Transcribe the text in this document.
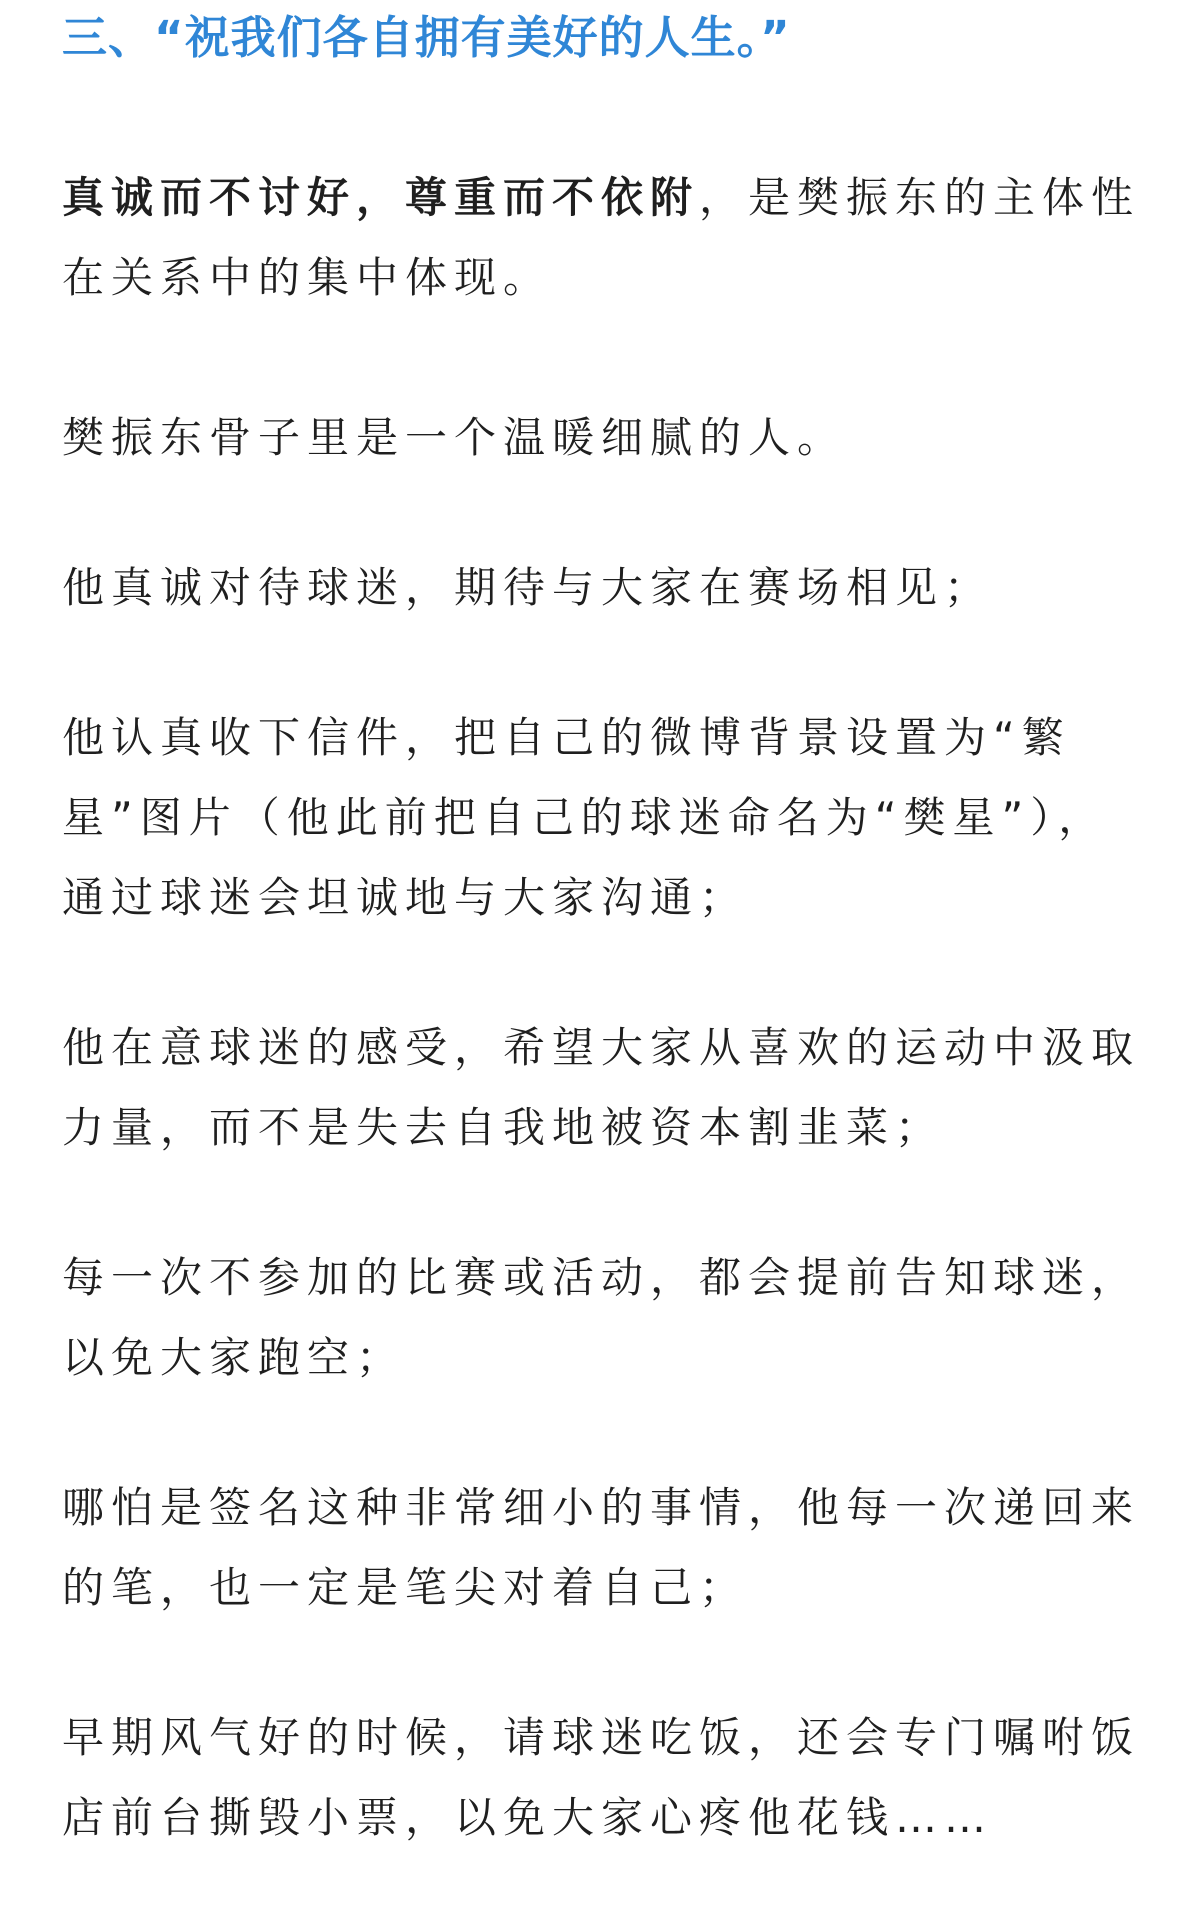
三、“祝我们各自拥有美好的人生。”

真诚而不讨好，尊重而不依附，是樊振东的主体性在关系中的集中体现。

樊振东骨子里是一个温暖细腻的人。

他真诚对待球迷，期待与大家在赛场相见；

他认真收下信件，把自己的微博背景设置为“繁星”图片（他此前把自己的球迷命名为“樊星”），通过球迷会坦诚地与大家沟通；

他在意球迷的感受，希望大家从喜欢的运动中汲取力量，而不是失去自我地被资本割韭菜；

每一次不参加的比赛或活动，都会提前告知球迷，以免大家跑空；

哪怕是签名这种非常细小的事情，他每一次递回来的笔，也一定是笔尖对着自己；

早期风气好的时候，请球迷吃饭，还会专门嘱咐饭店前台撕毁小票，以免大家心疼他花钱……
